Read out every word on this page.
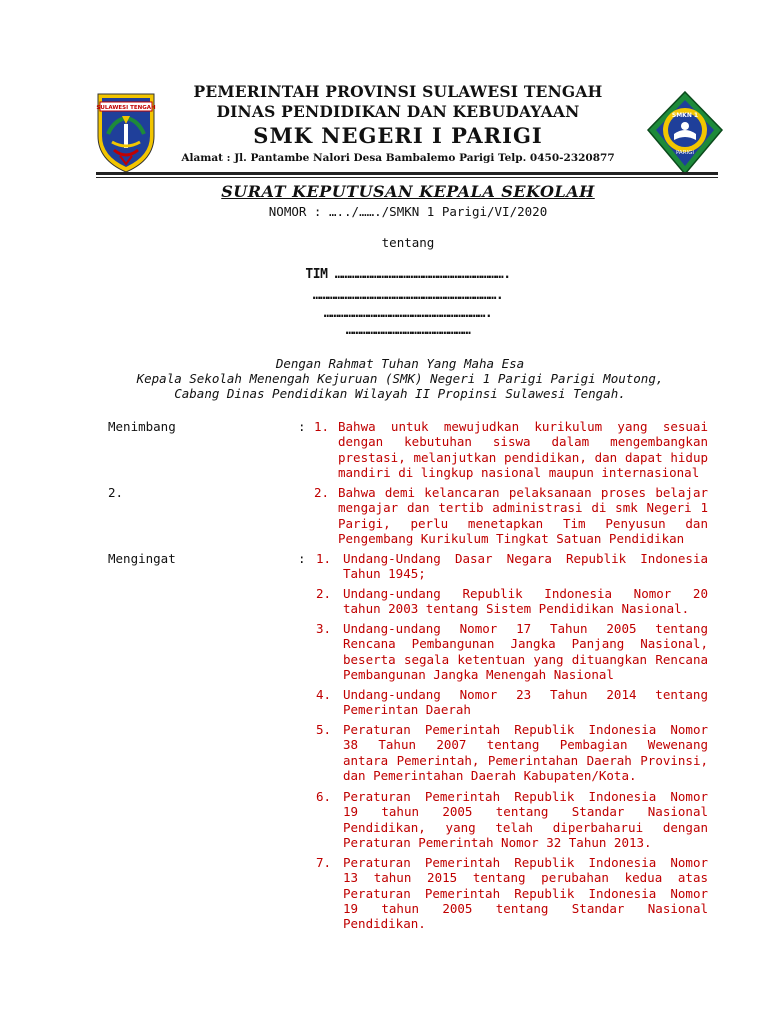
SULAWESI TENGAH
PEMERINTAH PROVINSI SULAWESI TENGAH
DINAS PENDIDIKAN DAN KEBUDAYAAN
SMK NEGERI I PARIGI
Alamat : Jl. Pantambe Nalori Desa Bambalemo Parigi Telp. 0450-2320877
SMKN 1
PARIGI
SURAT KEPUTUSAN KEPALA SEKOLAH
NOMOR : …../……./SMKN 1 Parigi/VI/2020
tentang
TIM …………………………………………………………….
………………………………………………………………….
………………………………………………………….
……………………………………………
Dengan Rahmat Tuhan Yang Maha Esa
Kepala Sekolah Menengah Kejuruan (SMK) Negeri 1 Parigi Parigi Moutong,
Cabang Dinas Pendidikan Wilayah II Propinsi Sulawesi Tengah.
Menimbang	: 1. Bahwa untuk mewujudkan kurikulum yang sesuai
dengan kebutuhan siswa dalam mengembangkan
prestasi, melanjutkan pendidikan, dan dapat hidup
mandiri di lingkup nasional maupun internasional
2.	2. Bahwa demi kelancaran pelaksanaan proses belajar
mengajar dan tertib administrasi di smk Negeri 1
Parigi, perlu menetapkan Tim Penyusun dan
Pengembang Kurikulum Tingkat Satuan Pendidikan
Mengingat	: 1. Undang-Undang Dasar Negara Republik Indonesia
Tahun 1945;
2. Undang-undang Republik Indonesia Nomor 20
tahun 2003 tentang Sistem Pendidikan Nasional.
3. Undang-undang Nomor 17 Tahun 2005 tentang
Rencana Pembangunan Jangka Panjang Nasional,
beserta segala ketentuan yang dituangkan Rencana
Pembangunan Jangka Menengah Nasional
4. Undang-undang Nomor 23 Tahun 2014 tentang
Pemerintan Daerah
5. Peraturan Pemerintah Republik Indonesia Nomor
38 Tahun 2007 tentang Pembagian Wewenang
antara Pemerintah, Pemerintahan Daerah Provinsi,
dan Pemerintahan Daerah Kabupaten/Kota.
6. Peraturan Pemerintah Republik Indonesia Nomor
19 tahun 2005 tentang Standar Nasional
Pendidikan, yang telah diperbaharui dengan
Peraturan Pemerintah Nomor 32 Tahun 2013.
7. Peraturan Pemerintah Republik Indonesia Nomor
13 tahun 2015 tentang perubahan kedua atas
Peraturan Pemerintah Republik Indonesia Nomor
19 tahun 2005 tentang Standar Nasional
Pendidikan.
